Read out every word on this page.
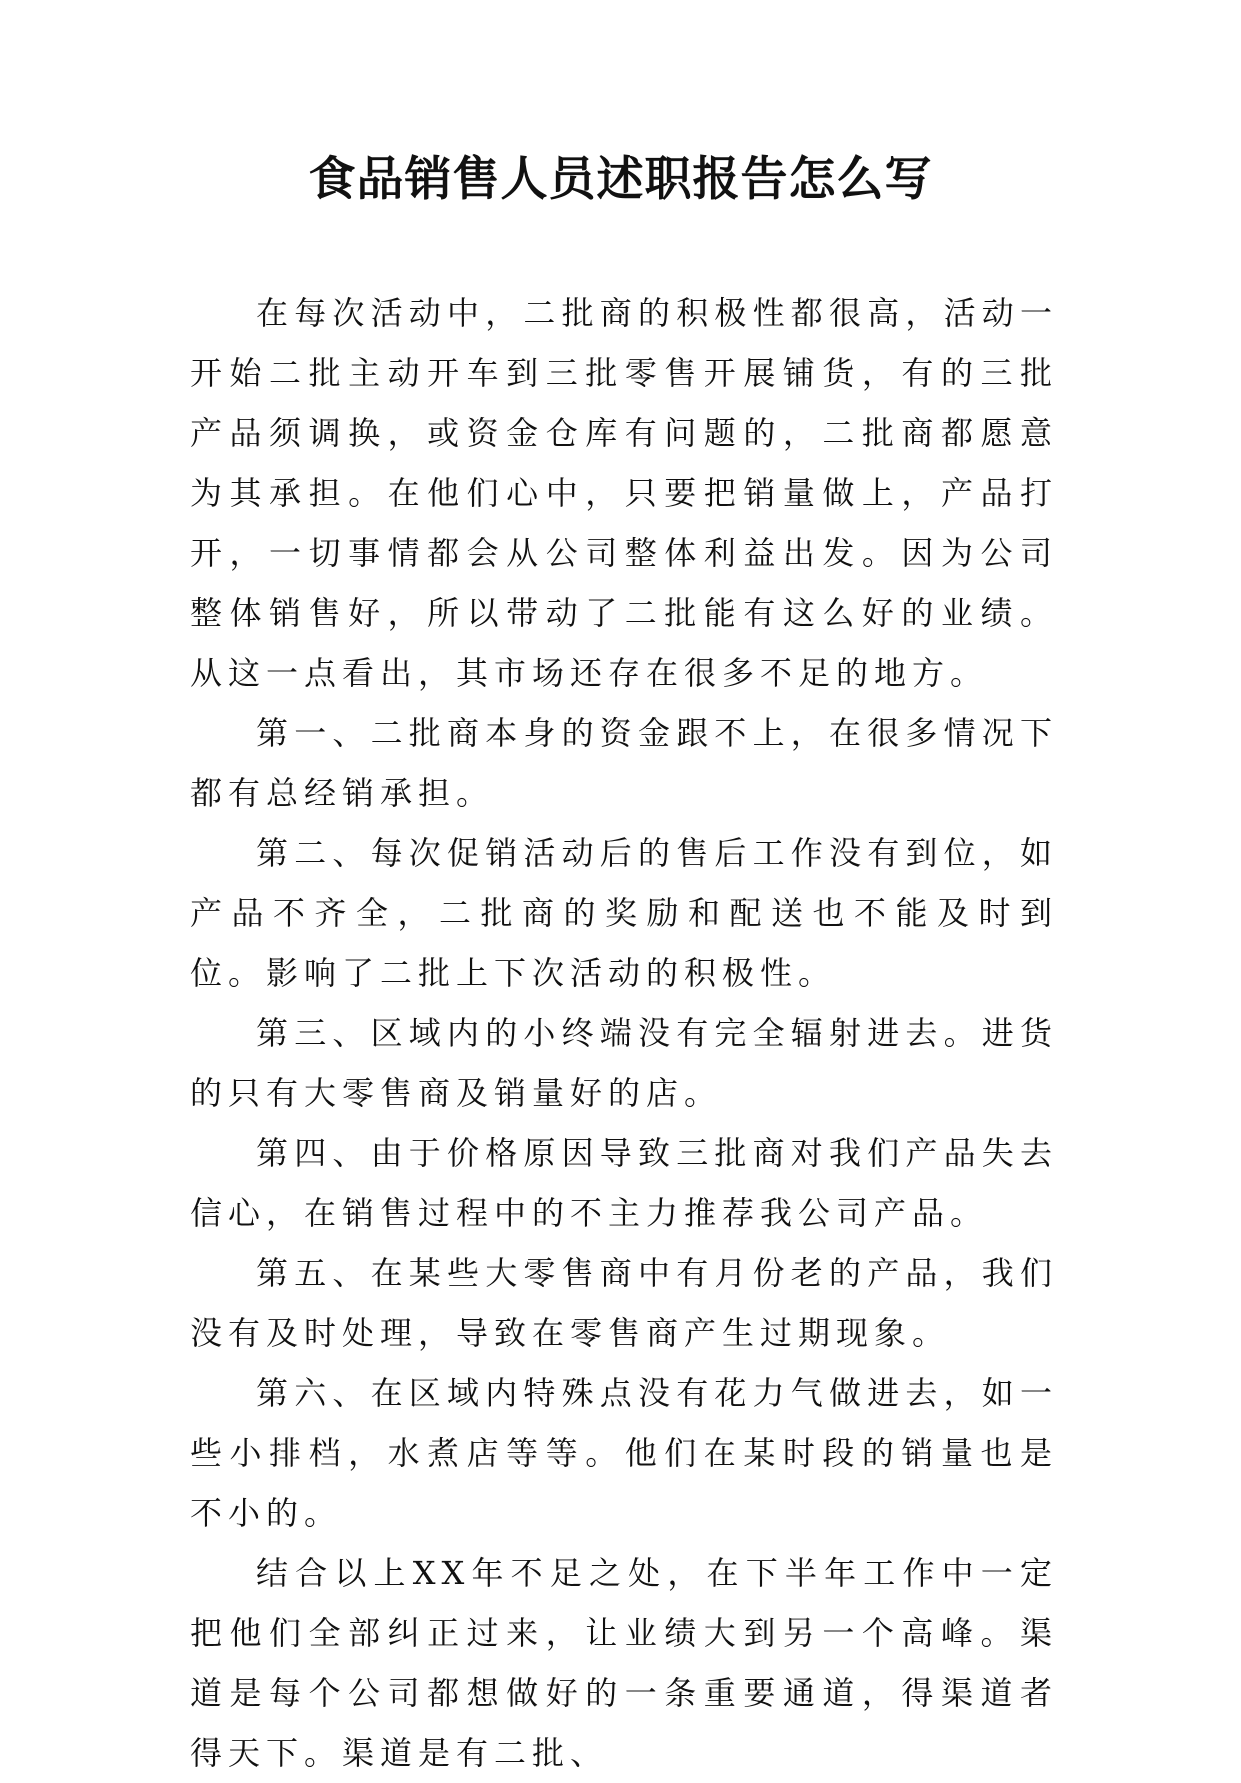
食品销售人员述职报告怎么写

在每次活动中，二批商的积极性都很高，活动一开始二批主动开车到三批零售开展铺货，有的三批产品须调换，或资金仓库有问题的，二批商都愿意为其承担。在他们心中，只要把销量做上，产品打开，一切事情都会从公司整体利益出发。因为公司整体销售好，所以带动了二批能有这么好的业绩。从这一点看出，其市场还存在很多不足的地方。

第一、二批商本身的资金跟不上，在很多情况下都有总经销承担。

第二、每次促销活动后的售后工作没有到位，如产品不齐全，二批商的奖励和配送也不能及时到位。影响了二批上下次活动的积极性。

第三、区域内的小终端没有完全辐射进去。进货的只有大零售商及销量好的店。

第四、由于价格原因导致三批商对我们产品失去信心，在销售过程中的不主力推荐我公司产品。

第五、在某些大零售商中有月份老的产品，我们没有及时处理，导致在零售商产生过期现象。

第六、在区域内特殊点没有花力气做进去，如一些小排档，水煮店等等。他们在某时段的销量也是不小的。

结合以上XX年不足之处，在下半年工作中一定把他们全部纠正过来，让业绩大到另一个高峰。渠道是每个公司都想做好的一条重要通道，得渠道者得天下。渠道是有二批、
